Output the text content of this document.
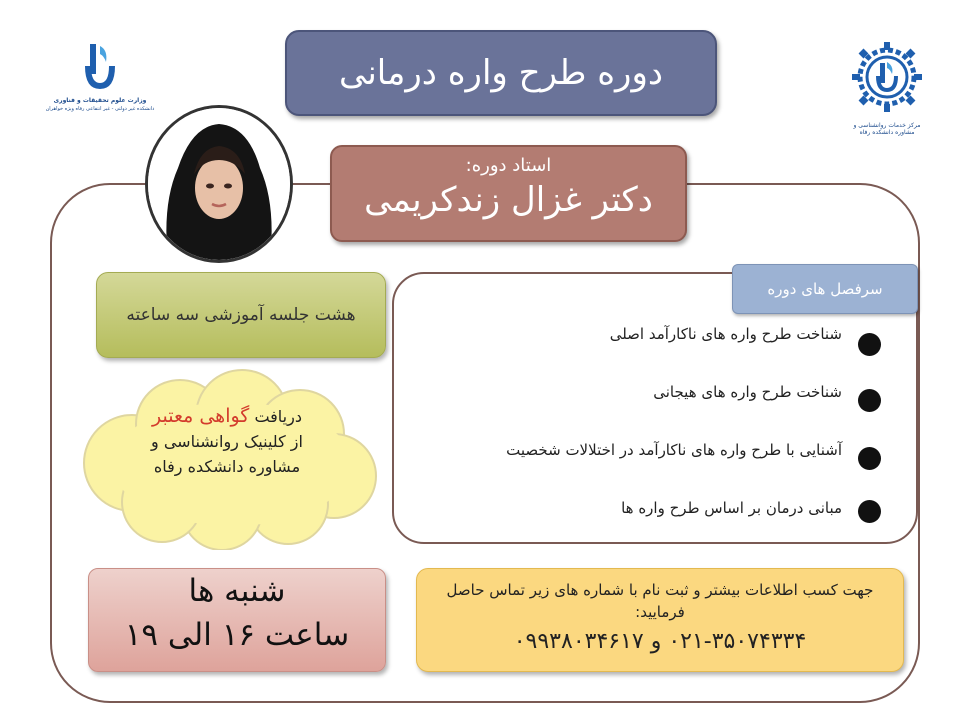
دوره طرح واره درمانی
وزارت علوم تحقیقات و فناوری
دانشکده غیر دولتی - غیر انتفاعی رفاه ویژه خواهران
مرکز خدمات روانشناسی و مشاوره دانشکده رفاه
استاد دوره:
دکتر غزال زندکریمی
هشت جلسه آموزشی سه ساعته
دریافت گواهی معتبر
از کلینیک روانشناسی و
مشاوره دانشکده رفاه
شنبه ها
ساعت ۱۶ الی ۱۹
سرفصل های دوره
شناخت طرح واره های ناکارآمد اصلی
شناخت طرح واره های هیجانی
آشنایی با طرح واره های ناکارآمد در اختلالات شخصیت
مبانی درمان بر اساس طرح واره ها
جهت کسب اطلاعات بیشتر و ثبت نام با شماره های زیر تماس حاصل فرمایید:
۰۲۱-۳۵۰۷۴۳۳۴ و ۰۹۹۳۸۰۳۴۶۱۷
